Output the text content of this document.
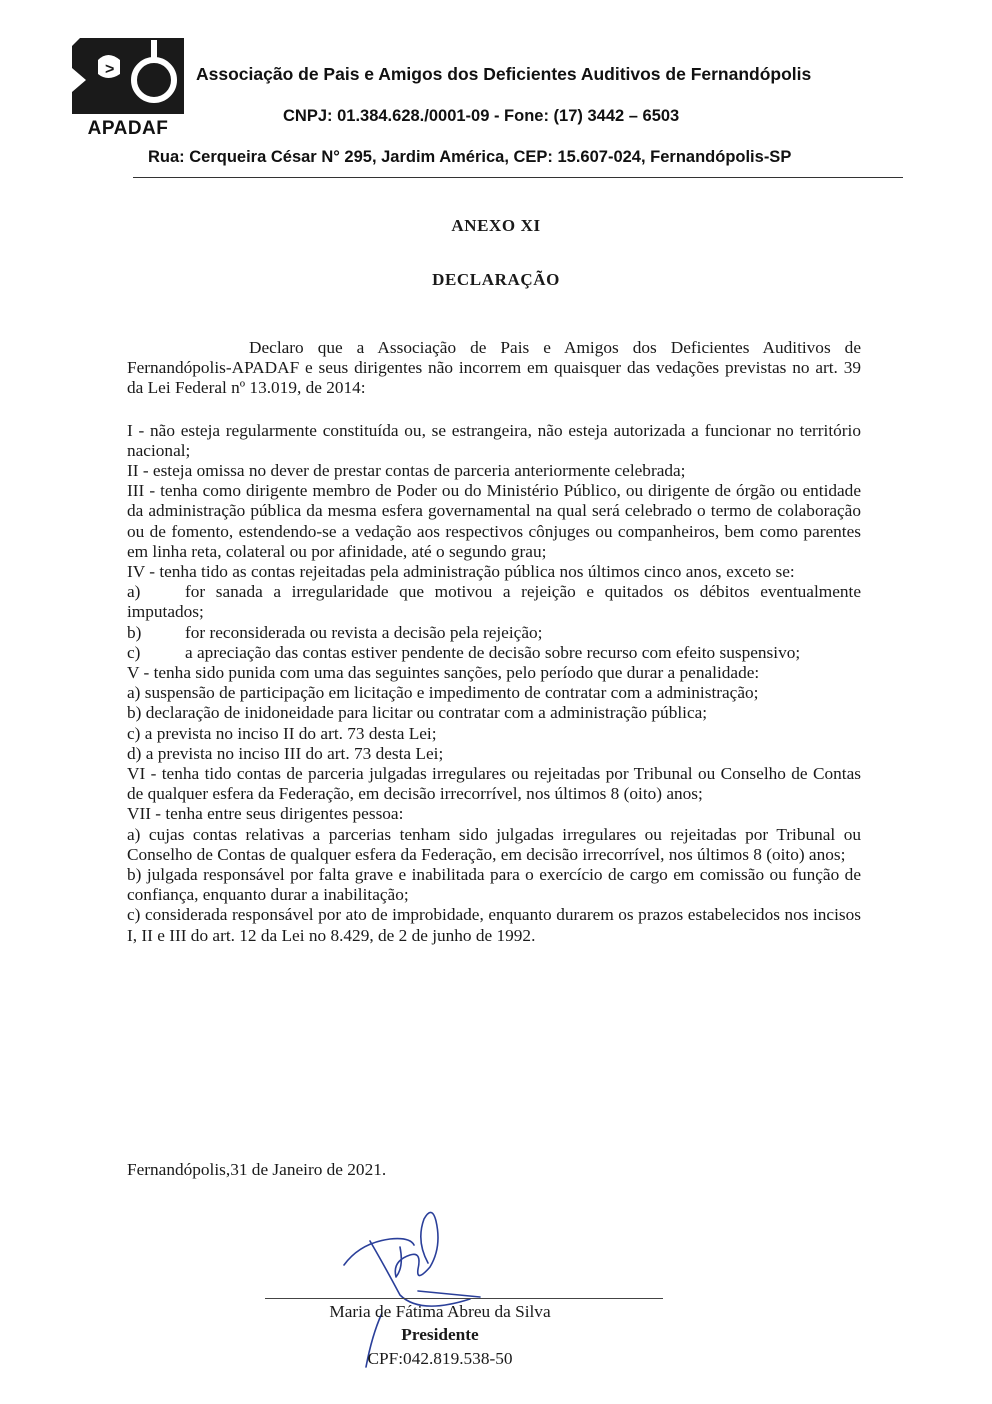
>
APADAF
Associação de Pais e Amigos dos Deficientes Auditivos de Fernandópolis
CNPJ: 01.384.628./0001-09 - Fone: (17) 3442 – 6503
Rua: Cerqueira César N° 295, Jardim América, CEP: 15.607-024, Fernandópolis-SP
ANEXO XI
DECLARAÇÃO

Declaro que a Associação de Pais e Amigos dos Deficientes Auditivos de Fernandópolis-APADAF e seus dirigentes não incorrem em quaisquer das vedações previstas no art. 39 da Lei Federal nº 13.019, de 2014:

I - não esteja regularmente constituída ou, se estrangeira, não esteja autorizada a funcionar no território nacional;

II - esteja omissa no dever de prestar contas de parceria anteriormente celebrada;

III - tenha como dirigente membro de Poder ou do Ministério Público, ou dirigente de órgão ou entidade da administração pública da mesma esfera governamental na qual será celebrado o termo de colaboração ou de fomento, estendendo-se a vedação aos respectivos cônjuges ou companheiros, bem como parentes em linha reta, colateral ou por afinidade, até o segundo grau;

IV - tenha tido as contas rejeitadas pela administração pública nos últimos cinco anos, exceto se:

a)	for sanada a irregularidade que motivou a rejeição e quitados os débitos eventualmente imputados;

b)	for reconsiderada ou revista a decisão pela rejeição;

c)	a apreciação das contas estiver pendente de decisão sobre recurso com efeito suspensivo;

V - tenha sido punida com uma das seguintes sanções, pelo período que durar a penalidade:

a) suspensão de participação em licitação e impedimento de contratar com a administração;

b) declaração de inidoneidade para licitar ou contratar com a administração pública;

c) a prevista no inciso II do art. 73 desta Lei;

d) a prevista no inciso III do art. 73 desta Lei;

VI - tenha tido contas de parceria julgadas irregulares ou rejeitadas por Tribunal ou Conselho de Contas de qualquer esfera da Federação, em decisão irrecorrível, nos últimos 8 (oito) anos;

VII - tenha entre seus dirigentes pessoa:

a) cujas contas relativas a parcerias tenham sido julgadas irregulares ou rejeitadas por Tribunal ou Conselho de Contas de qualquer esfera da Federação, em decisão irrecorrível, nos últimos 8 (oito) anos;

b) julgada responsável por falta grave e inabilitada para o exercício de cargo em comissão ou função de confiança, enquanto durar a inabilitação;

c) considerada responsável por ato de improbidade, enquanto durarem os prazos estabelecidos nos incisos I, II e III do art. 12 da Lei no 8.429, de 2 de junho de 1992.

Fernandópolis,31 de Janeiro de 2021.
Maria de Fátima Abreu da Silva
Presidente
CPF:042.819.538-50
